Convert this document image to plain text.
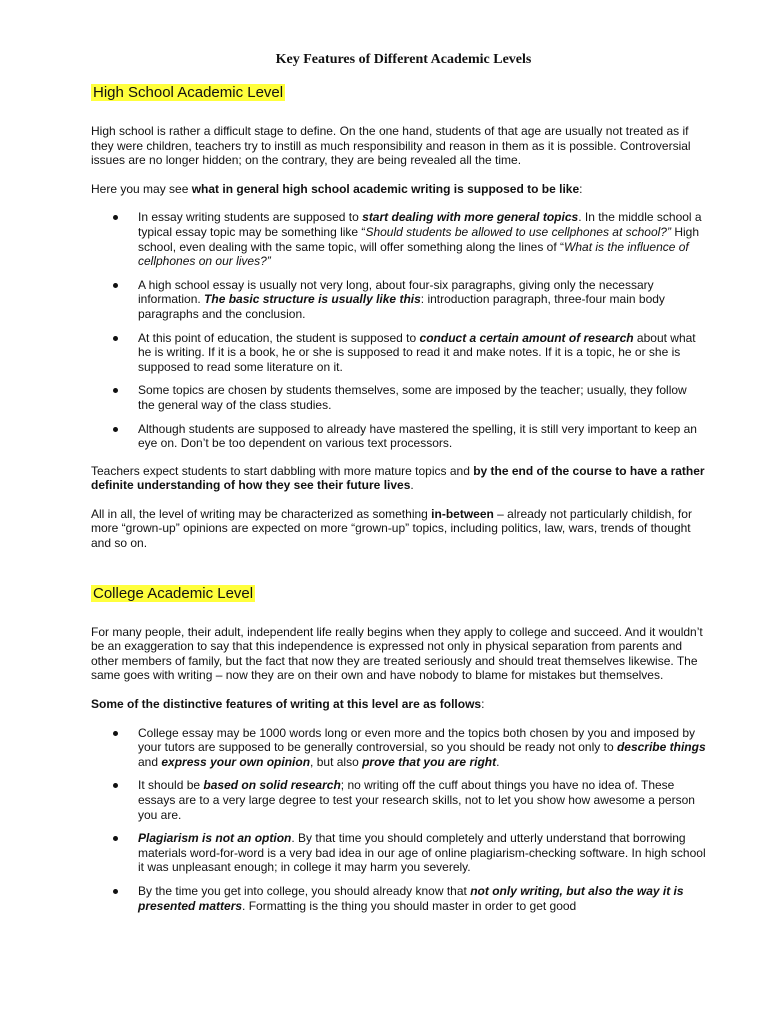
Key Features of Different Academic Levels
High School Academic Level

High school is rather a difficult stage to define. On the one hand, students of that age are usually not treated as if they were children, teachers try to instill as much responsibility and reason in them as it is possible. Controversial issues are no longer hidden; on the contrary, they are being revealed all the time.

Here you may see what in general high school academic writing is supposed to be like:

In essay writing students are supposed to start dealing with more general topics. In the middle school a typical essay topic may be something like “Should students be allowed to use cellphones at school?” High school, even dealing with the same topic, will offer something along the lines of “What is the influence of cellphones on our lives?”
A high school essay is usually not very long, about four-six paragraphs, giving only the necessary information. The basic structure is usually like this: introduction paragraph, three-four main body paragraphs and the conclusion.
At this point of education, the student is supposed to conduct a certain amount of research about what he is writing. If it is a book, he or she is supposed to read it and make notes. If it is a topic, he or she is supposed to read some literature on it.
Some topics are chosen by students themselves, some are imposed by the teacher; usually, they follow the general way of the class studies.
Although students are supposed to already have mastered the spelling, it is still very important to keep an eye on. Don’t be too dependent on various text processors.

Teachers expect students to start dabbling with more mature topics and by the end of the course to have a rather definite understanding of how they see their future lives.

All in all, the level of writing may be characterized as something in-between – already not particularly childish, for more “grown-up” opinions are expected on more “grown-up” topics, including politics, law, wars, trends of thought and so on.

College Academic Level

For many people, their adult, independent life really begins when they apply to college and succeed. And it wouldn’t be an exaggeration to say that this independence is expressed not only in physical separation from parents and other members of family, but the fact that now they are treated seriously and should treat themselves likewise. The same goes with writing – now they are on their own and have nobody to blame for mistakes but themselves.

Some of the distinctive features of writing at this level are as follows:

College essay may be 1000 words long or even more and the topics both chosen by you and imposed by your tutors are supposed to be generally controversial, so you should be ready not only to describe things and express your own opinion, but also prove that you are right.
It should be based on solid research; no writing off the cuff about things you have no idea of. These essays are to a very large degree to test your research skills, not to let you show how awesome a person you are.
Plagiarism is not an option. By that time you should completely and utterly understand that borrowing materials word-for-word is a very bad idea in our age of online plagiarism-checking software. In high school it was unpleasant enough; in college it may harm you severely.
By the time you get into college, you should already know that not only writing, but also the way it is presented matters. Formatting is the thing you should master in order to get good
